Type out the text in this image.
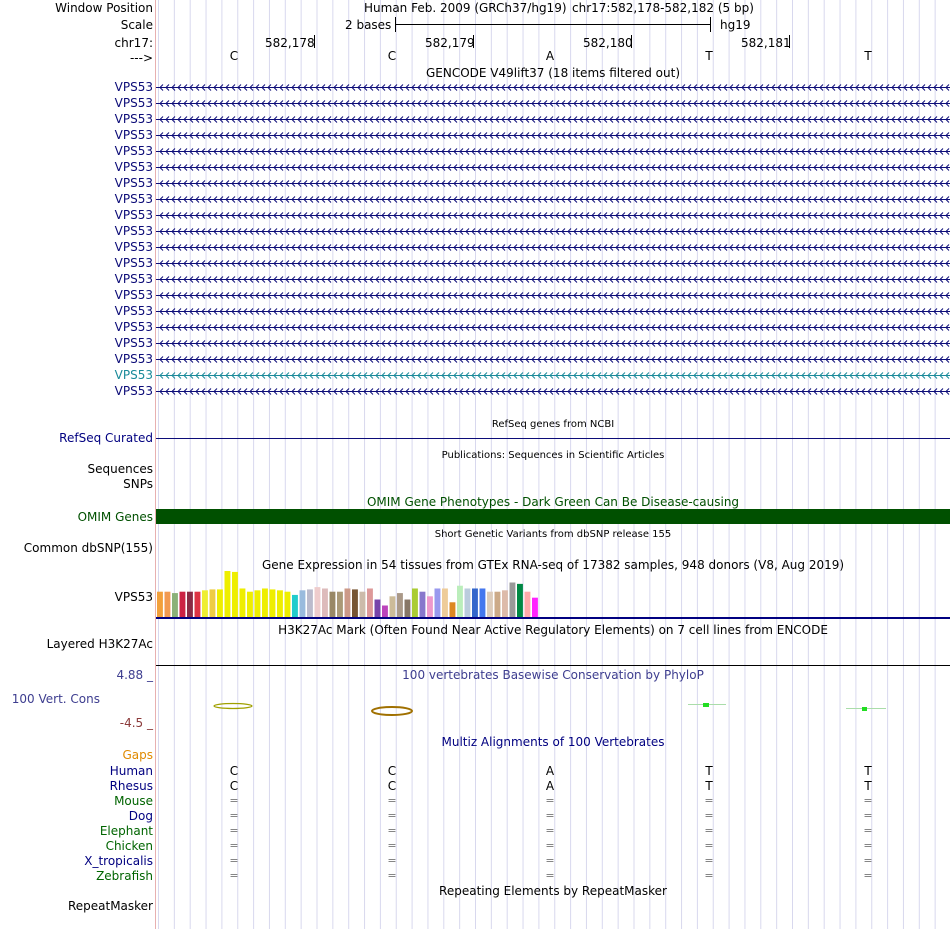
Window Position
Scale
chr17:
--->
Human Feb. 2009 (GRCh37/hg19) chr17:582,178-582,182 (5 bp)
2 bases	hg19
582,178	582,179	582,180	582,181
C	C	A	T	T
GENCODE V49lift37 (18 items filtered out)
VPS53
VPS53
VPS53
VPS53
VPS53
VPS53
VPS53
VPS53
VPS53
VPS53
VPS53
VPS53
VPS53
VPS53
VPS53
VPS53
VPS53
VPS53
VPS53
VPS53
RefSeq genes from NCBI
RefSeq Curated
Publications: Sequences in Scientific Articles
Sequences
SNPs
OMIM Gene Phenotypes - Dark Green Can Be Disease-causing
OMIM Genes
Short Genetic Variants from dbSNP release 155
Common dbSNP(155)
Gene Expression in 54 tissues from GTEx RNA-seq of 17382 samples, 948 donors (V8, Aug 2019)
VPS53
H3K27Ac Mark (Often Found Near Active Regulatory Elements) on 7 cell lines from ENCODE
Layered H3K27Ac
100 vertebrates Basewise Conservation by PhyloP
4.88 _
100 Vert. Cons
-4.5 _
Multiz Alignments of 100 Vertebrates
Gaps
Human	C	C	A	T	T
Rhesus	C	C	A	T	T
Mouse	=	=	=	=	=
Dog	=	=	=	=	=
Elephant	=	=	=	=	=
Chicken	=	=	=	=	=
X_tropicalis	=	=	=	=	=
Zebrafish	=	=	=	=	=
Repeating Elements by RepeatMasker
RepeatMasker
